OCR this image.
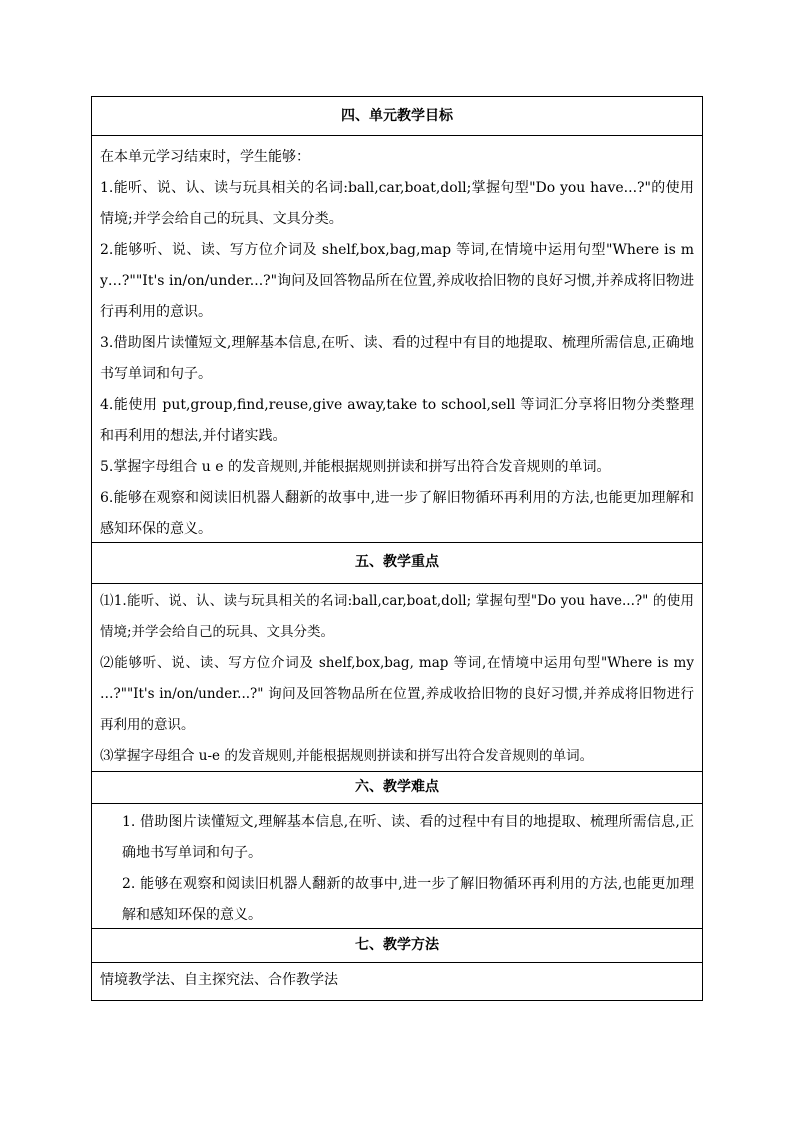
四、单元教学目标

在本单元学习结束时，学生能够：

1.能听、说、认、读与玩具相关的名词:ball,car,boat,doll;掌握句型"Do you have...?"的使用情境;并学会给自己的玩具、文具分类。

2.能够听、说、读、写方位介词及 shelf,box,bag,map 等词,在情境中运用句型"Where is my…?""It's in/on/under...?"询问及回答物品所在位置,养成收拾旧物的良好习惯,并养成将旧物进行再利用的意识。

3.借助图片读懂短文,理解基本信息,在听、读、看的过程中有目的地提取、梳理所需信息,正确地书写单词和句子。

4.能使用 put,group,find,reuse,give away,take to school,sell 等词汇分享将旧物分类整理和再利用的想法,并付诸实践。

5.掌握字母组合 u e 的发音规则,并能根据规则拼读和拼写出符合发音规则的单词。

6.能够在观察和阅读旧机器人翻新的故事中,进一步了解旧物循环再利用的方法,也能更加理解和感知环保的意义。

五、教学重点

⑴1.能听、说、认、读与玩具相关的名词:ball,car,boat,doll; 掌握句型"Do you have...?" 的使用情境;并学会给自己的玩具、文具分类。

⑵能够听、说、读、写方位介词及 shelf,box,bag, map 等词,在情境中运用句型"Where is my …?""It's in/on/under...?" 询问及回答物品所在位置,养成收拾旧物的良好习惯,并养成将旧物进行再利用的意识。

⑶掌握字母组合 u-e 的发音规则,并能根据规则拼读和拼写出符合发音规则的单词。

六、教学难点

1. 借助图片读懂短文,理解基本信息,在听、读、看的过程中有目的地提取、梳理所需信息,正确地书写单词和句子。

2. 能够在观察和阅读旧机器人翻新的故事中,进一步了解旧物循环再利用的方法,也能更加理解和感知环保的意义。

七、教学方法

情境教学法、自主探究法、合作教学法
